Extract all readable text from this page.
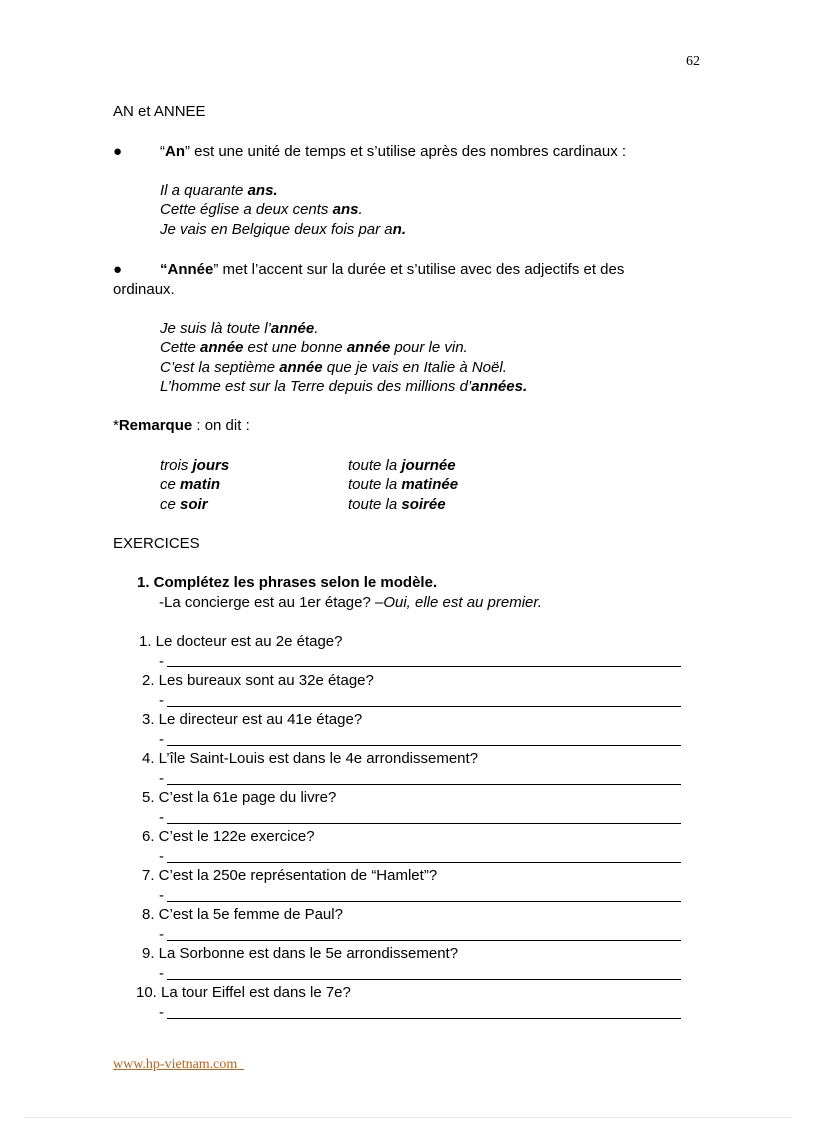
62
AN et ANNEE
●	“An” est une unité de temps et s’utilise après des nombres cardinaux :
Il a quarante ans.
Cette église a deux cents ans.
Je vais en Belgique deux fois par an.
●	“Année” met l’accent sur la durée et s’utilise avec des adjectifs et des
ordinaux.
Je suis là toute l’année.
Cette année est une bonne année pour le vin.
C’est la septième année que je vais en Italie à Noël.
L’homme est sur la Terre depuis des millions d’années.
*Remarque : on dit :
trois jours	toute la journée
ce matin	toute la matinée
ce soir	toute la soirée
EXERCICES
1. Complétez les phrases selon le modèle.
-La concierge est au 1er étage? –Oui, elle est au premier.
1. Le docteur est au 2e étage?
-
2. Les bureaux sont au 32e étage?
-
3. Le directeur est au 41e étage?
-
4. L’île Saint-Louis est dans le 4e arrondissement?
-
5. C’est la 61e page du livre?
-
6. C’est le 122e exercice?
-
7. C’est la 250e représentation de “Hamlet”?
-
8. C’est la 5e femme de Paul?
-
9. La Sorbonne est dans le 5e arrondissement?
-
10. La tour Eiffel est dans le 7e?
-
www.hp-vietnam.com
